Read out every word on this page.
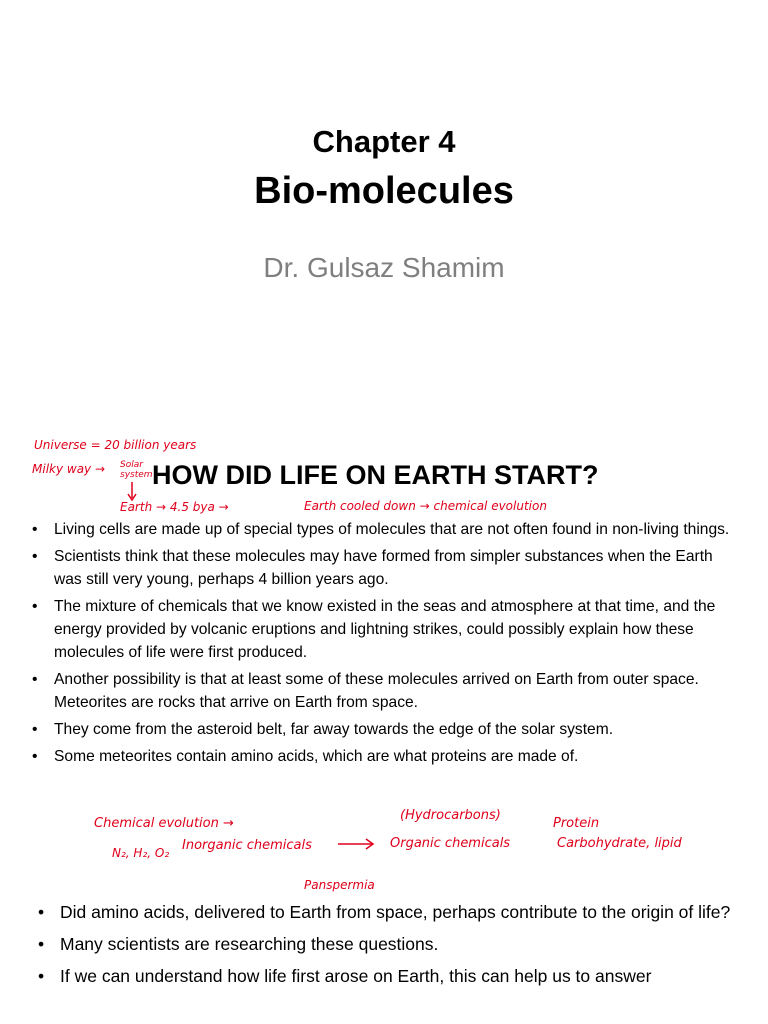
Chapter 4
Bio-molecules
Dr. Gulsaz Shamim
HOW DID LIFE ON EARTH START?
• Living cells are made up of special types of molecules that are not often found in non-living things.
• Scientists think that these molecules may have formed from simpler substances when the Earth was still very young, perhaps 4 billion years ago.
• The mixture of chemicals that we know existed in the seas and atmosphere at that time, and the energy provided by volcanic eruptions and lightning strikes, could possibly explain how these molecules of life were first produced.
• Another possibility is that at least some of these molecules arrived on Earth from outer space. Meteorites are rocks that arrive on Earth from space.
• They come from the asteroid belt, far away towards the edge of the solar system.
• Some meteorites contain amino acids, which are what proteins are made of.
• Did amino acids, delivered to Earth from space, perhaps contribute to the origin of life?
• Many scientists are researching these questions.
• If we can understand how life first arose on Earth, this can help us to answer
Universe = 20 billion years
Milky way → Solar system
Earth → 4.5 bya →	Earth cooled down → chemical evolution
Chemical evolution →
N₂, H₂, O₂ Inorganic chemicals
(Hydrocarbons)
Organic chemicals
Protein
Carbohydrate, lipid
Panspermia
